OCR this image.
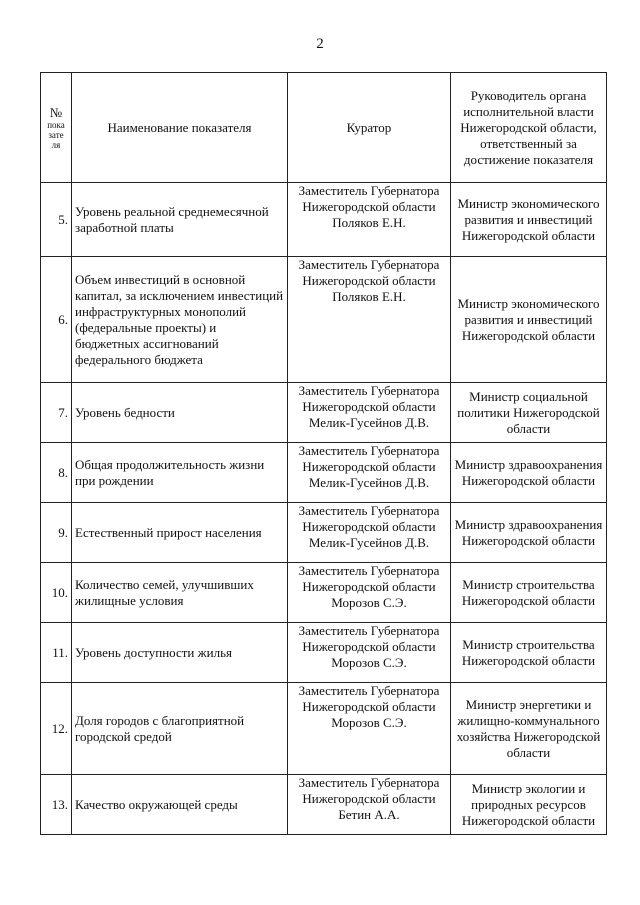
2
№
пока
зате
ля	Наименование показателя	Куратор	Руководитель органа исполнительной власти Нижегородской области, ответственный за достижение показателя
5.	Уровень реальной среднемесячной заработной платы	Заместитель Губернатора Нижегородской области Поляков Е.Н.	Министр экономического развития и инвестиций Нижегородской области
6.	Объем инвестиций в основной капитал, за исключением инвестиций инфраструктурных монополий (федеральные проекты) и бюджетных ассигнований федерального бюджета	Заместитель Губернатора Нижегородской области Поляков Е.Н.	Министр экономического развития и инвестиций Нижегородской области
7.	Уровень бедности	Заместитель Губернатора Нижегородской области Мелик-Гусейнов Д.В.	Министр социальной политики Нижегородской области
8.	Общая продолжительность жизни при рождении	Заместитель Губернатора Нижегородской области Мелик-Гусейнов Д.В.	Министр здравоохранения Нижегородской области
9.	Естественный прирост населения	Заместитель Губернатора Нижегородской области Мелик-Гусейнов Д.В.	Министр здравоохранения Нижегородской области
10.	Количество семей, улучшивших жилищные условия	Заместитель Губернатора Нижегородской области Морозов С.Э.	Министр строительства Нижегородской области
11.	Уровень доступности жилья	Заместитель Губернатора Нижегородской области Морозов С.Э.	Министр строительства Нижегородской области
12.	Доля городов с благоприятной городской средой	Заместитель Губернатора Нижегородской области Морозов С.Э.	Министр энергетики и жилищно-коммунального хозяйства Нижегородской области
13.	Качество окружающей среды	Заместитель Губернатора Нижегородской области Бетин А.А.	Министр экологии и природных ресурсов Нижегородской области
